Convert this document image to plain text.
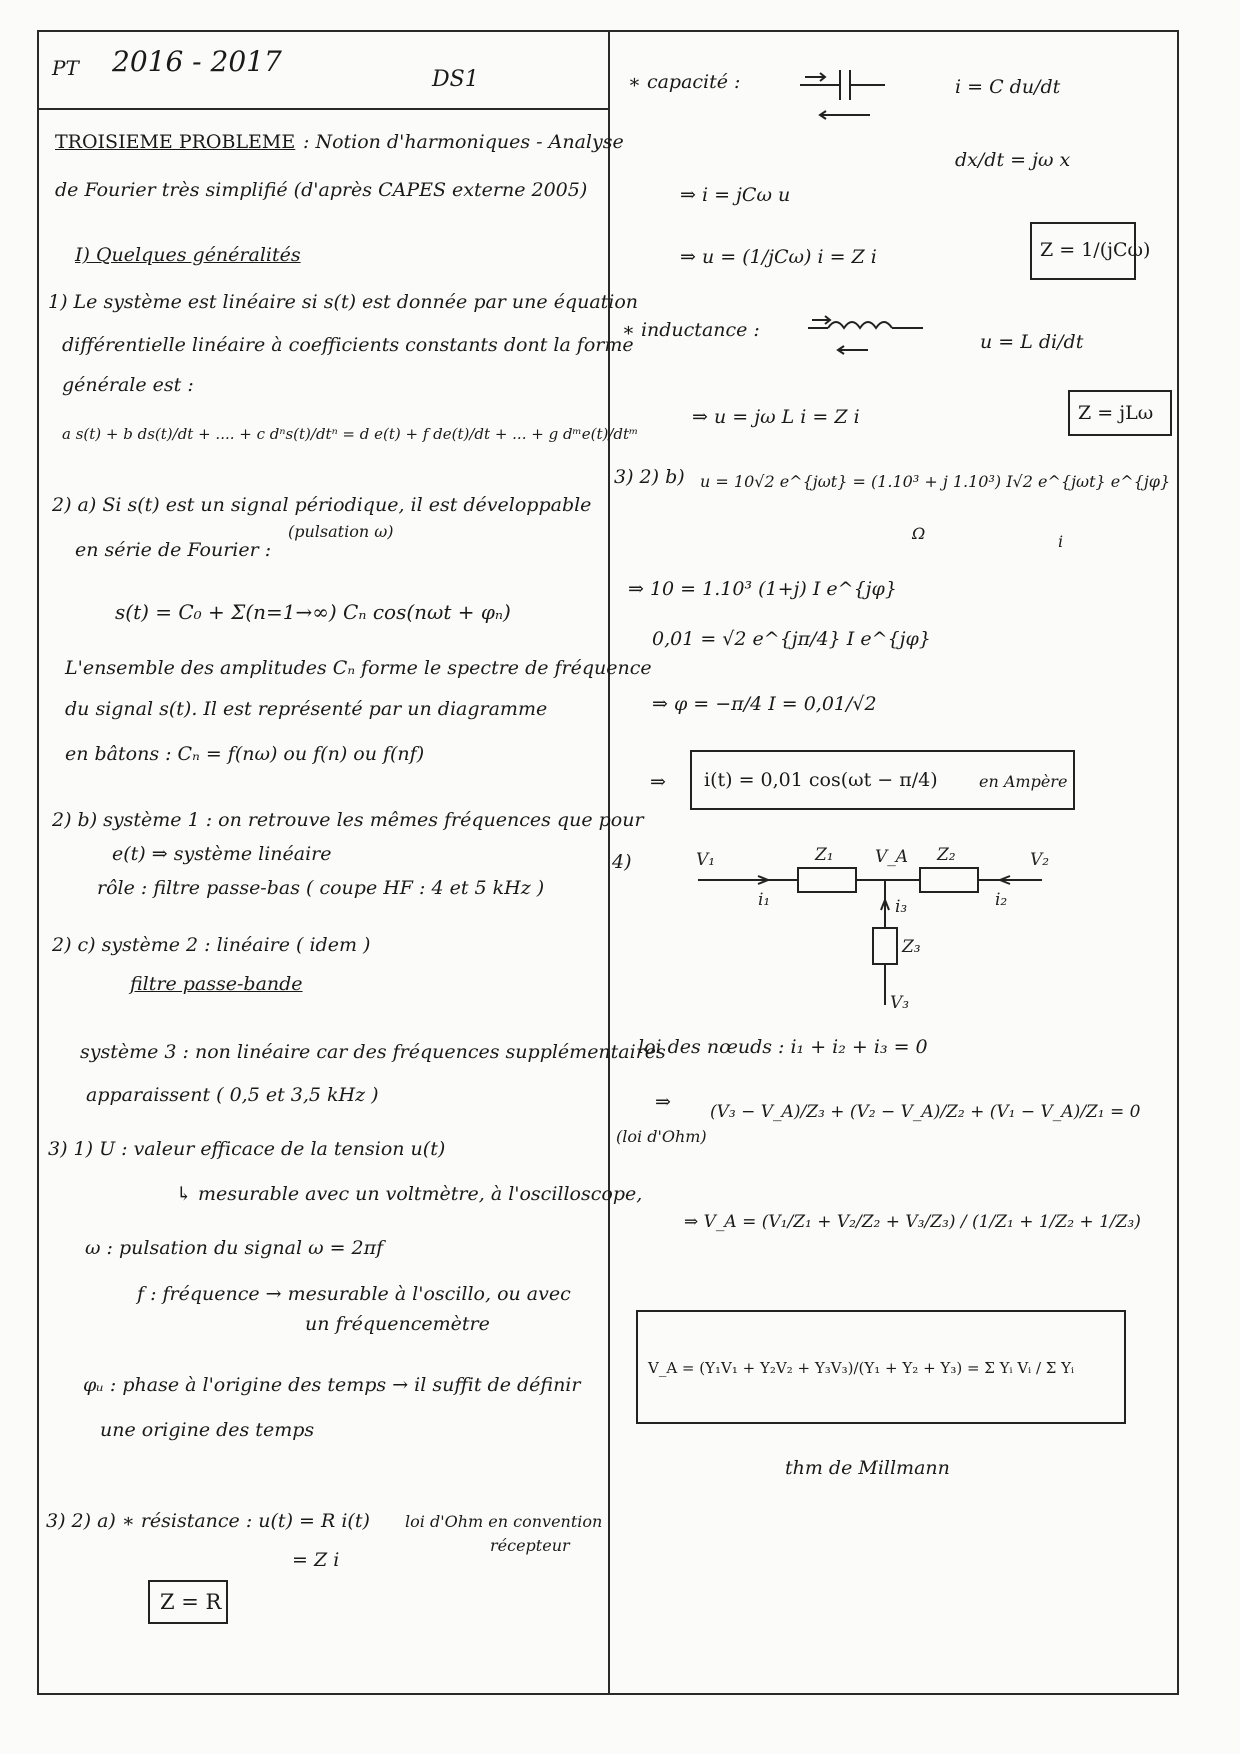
PT 2016 - 2017
DS1
TROISIEME PROBLEME : Notion d'harmoniques - Analyse
de Fourier très simplifié (d'après CAPES externe 2005)
I) Quelques généralités
1) Le système est linéaire si s(t) est donnée par une équation
différentielle linéaire à coefficients constants dont la forme
générale est :
a s(t) + b ds(t)/dt + .... + c dⁿs(t)/dtⁿ = d e(t) + f de(t)/dt + ... + g dᵐe(t)/dtᵐ
2) a) Si s(t) est un signal périodique, il est développable
(pulsation ω)
en série de Fourier :
s(t) = C₀ + Σ(n=1→∞) Cₙ cos(nωt + φₙ)
L'ensemble des amplitudes Cₙ forme le spectre de fréquence
du signal s(t). Il est représenté par un diagramme
en bâtons : Cₙ = f(nω) ou f(n) ou f(nf)
2) b) système 1 : on retrouve les mêmes fréquences que pour
e(t) ⇒ système linéaire
rôle : filtre passe-bas ( coupe HF : 4 et 5 kHz )
2) c) système 2 : linéaire ( idem )
filtre passe-bande
système 3 : non linéaire car des fréquences supplémentaires
apparaissent ( 0,5 et 3,5 kHz )
3) 1) U : valeur efficace de la tension u(t)
↳ mesurable avec un voltmètre, à l'oscilloscope,
ω : pulsation du signal ω = 2πf
f : fréquence → mesurable à l'oscillo, ou avec
un fréquencemètre
φᵤ : phase à l'origine des temps → il suffit de définir
une origine des temps
3) 2) a) ∗ résistance : u(t) = R i(t)
= Z i
loi d'Ohm en convention
récepteur
Z = R
∗ capacité :	i = C du/dt
dx/dt = jω x
⇒ i = jCω u
⇒ u = (1/jCω) i = Z i	Z = 1/(jCω)
∗ inductance :
u = L di/dt
⇒ u = jω L i = Z i	Z = jLω
3) 2) b) u = 10√2 e^{jωt} = (1.10³ + j 1.10³) I√2 e^{jωt} e^{jφ}
Ω	i
⇒ 10 = 1.10³ (1+j) I e^{jφ}
0,01 = √2 e^{jπ/4} I e^{jφ}
⇒ φ = −π/4 I = 0,01/√2
⇒ i(t) = 0,01 cos(ωt − π/4)	en Ampère
4)	V₁	V₂
V₃
V_A
Z₁	Z₂
Z₃
i₁	i₂
i₃
loi des nœuds : i₁ + i₂ + i₃ = 0
⇒
(loi d'Ohm)
(V₃ − V_A)/Z₃ + (V₂ − V_A)/Z₂ + (V₁ − V_A)/Z₁ = 0
⇒ V_A = (V₁/Z₁ + V₂/Z₂ + V₃/Z₃) / (1/Z₁ + 1/Z₂ + 1/Z₃)
V_A = (Y₁V₁ + Y₂V₂ + Y₃V₃)/(Y₁ + Y₂ + Y₃) = Σ Yᵢ Vᵢ / Σ Yᵢ
thm de Millmann
